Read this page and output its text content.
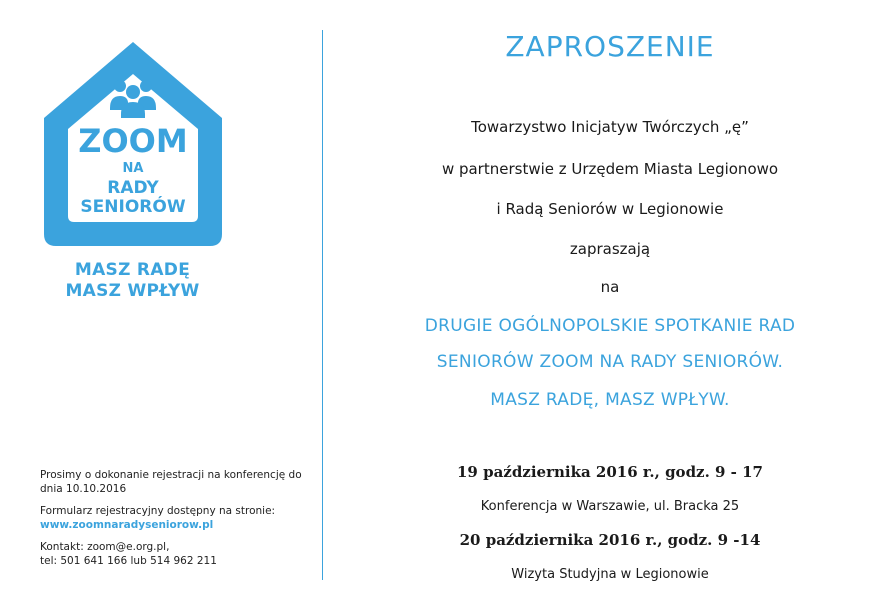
ZOOM
NA
RADY
SENIORÓW
MASZ RADĘ
MASZ WPŁYW

Prosimy o dokonanie rejestracji na konferencję do dnia 10.10.2016

Formularz rejestracyjny dostępny na stronie: www.zoomnaradyseniorow.pl

Kontakt: zoom@e.org.pl,
tel: 501 641 166 lub 514 962 211

ZAPROSZENIE
Towarzystwo Inicjatyw Twórczych „ę”
w partnerstwie z Urzędem Miasta Legionowo
i Radą Seniorów w Legionowie
zapraszają
na
DRUGIE OGÓLNOPOLSKIE SPOTKANIE RAD
SENIORÓW ZOOM NA RADY SENIORÓW.
MASZ RADĘ, MASZ WPŁYW.
19 października 2016 r., godz. 9 - 17
Konferencja w Warszawie, ul. Bracka 25
20 października 2016 r., godz. 9 -14
Wizyta Studyjna w Legionowie
